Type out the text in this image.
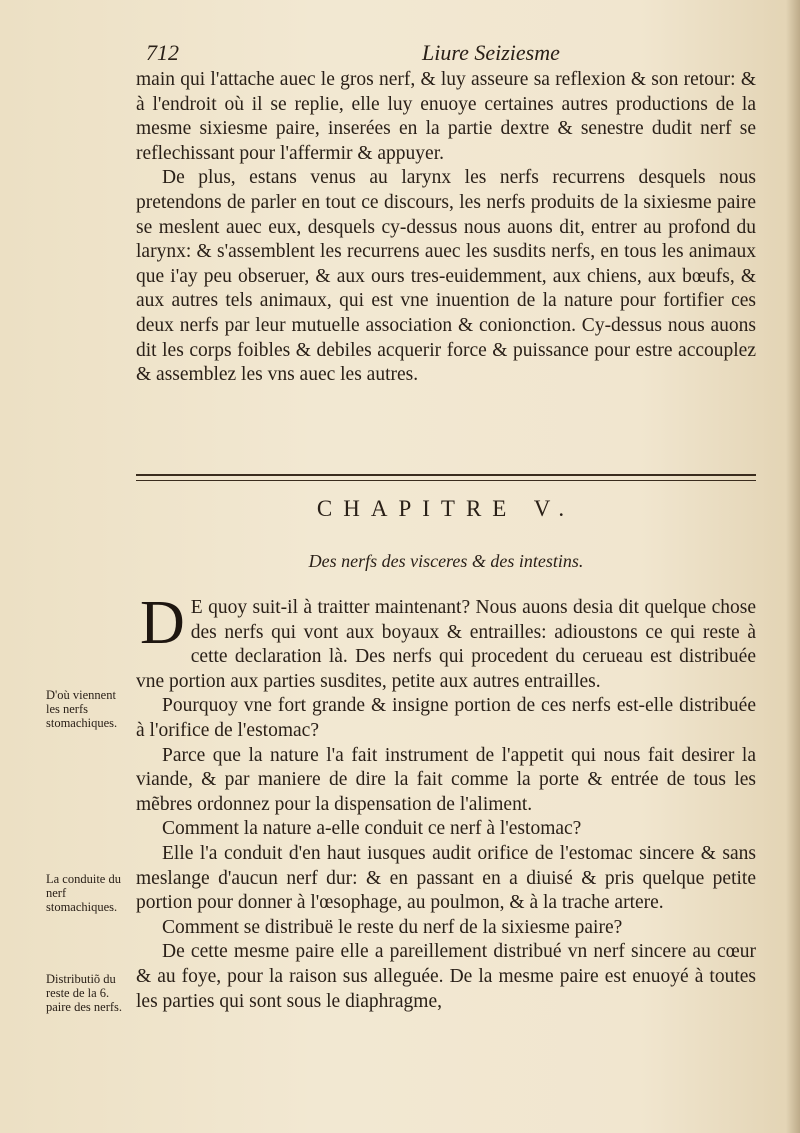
712	Liure Seiziesme

main qui l'attache auec le gros nerf, & luy asseure sa reflexion & son retour: & à l'endroit où il se replie, elle luy enuoye certaines autres productions de la mesme sixiesme paire, inserées en la partie dextre & senestre dudit nerf se reflechissant pour l'affermir & appuyer.

De plus, estans venus au larynx les nerfs recurrens desquels nous pretendons de parler en tout ce discours, les nerfs produits de la sixiesme paire se meslent auec eux, desquels cy-dessus nous auons dit, entrer au profond du larynx: & s'assemblent les recurrens auec les susdits nerfs, en tous les animaux que i'ay peu obseruer, & aux ours tres-euidemment, aux chiens, aux bœufs, & aux autres tels animaux, qui est vne inuention de la nature pour fortifier ces deux nerfs par leur mutuelle association & conionction. Cy-dessus nous auons dit les corps foibles & debiles acquerir force & puissance pour estre accouplez & assemblez les vns auec les autres.

CHAPITRE V.
Des nerfs des visceres & des intestins.
D E quoy suit-il à traitter maintenant? Nous auons desia dit quelque chose des nerfs qui vont aux boyaux & entrailles: adioustons ce qui reste à cette declaration là. Des nerfs qui procedent du cerueau est distribuée vne portion aux parties susdites, petite aux autres entrailles.

Pourquoy vne fort grande & insigne portion de ces nerfs est-elle distribuée à l'orifice de l'estomac?

Parce que la nature l'a fait instrument de l'appetit qui nous fait desirer la viande, & par maniere de dire la fait comme la porte & entrée de tous les mẽbres ordonnez pour la dispensation de l'aliment.

Comment la nature a-elle conduit ce nerf à l'estomac?

Elle l'a conduit d'en haut iusques audit orifice de l'estomac sincere & sans meslange d'aucun nerf dur: & en passant en a diuisé & pris quelque petite portion pour donner à l'œsophage, au poulmon, & à la trache artere.

Comment se distribuë le reste du nerf de la sixiesme paire?

De cette mesme paire elle a pareillement distribué vn nerf sincere au cœur & au foye, pour la raison sus alleguée. De la mesme paire est enuoyé à toutes les parties qui sont sous le diaphragme,

D'où viennent les nerfs stomachiques.
La conduite du nerf stomachiques.
Distributiõ du reste de la 6. paire des nerfs.
